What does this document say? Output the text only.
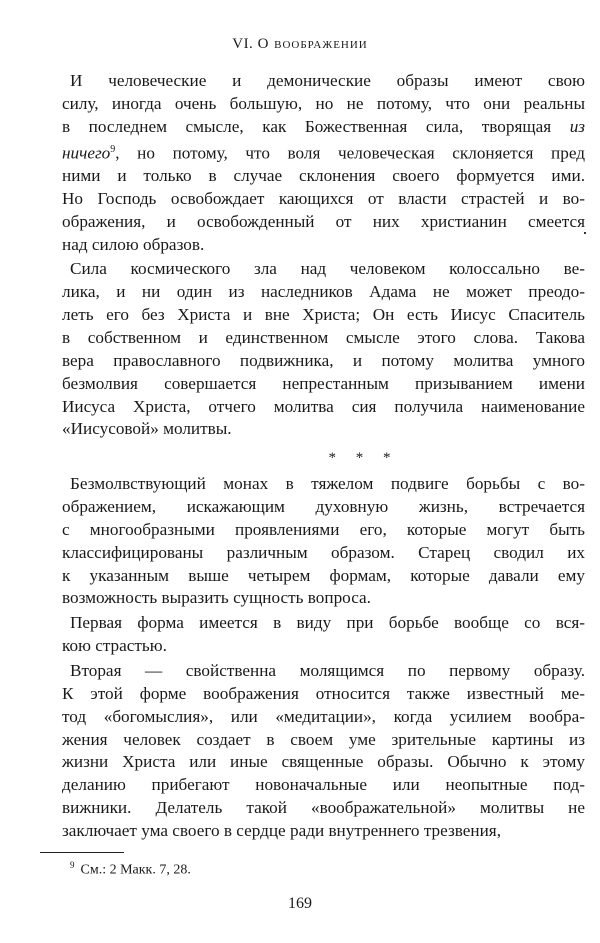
VI. О воображении
И человеческие и демонические образы имеют свою
силу, иногда очень большую, но не потому, что они реальны
в последнем смысле, как Божественная сила, творящая из
ничего$^9$, но потому, что воля человеческая склоняется пред
ними и только в случае склонения своего формуется ими.
Но Господь освобождает кающихся от власти страстей и во-
ображения, и освобожденный от них христианин смеется
над силою образов.
Сила космического зла над человеком колоссально ве-
лика, и ни один из наследников Адама не может преодо-
леть его без Христа и вне Христа; Он есть Иисус Спаситель
в собственном и единственном смысле этого слова. Такова
вера православного подвижника, и потому молитва умного
безмолвия совершается непрестанным призыванием имени
Иисуса Христа, отчего молитва сия получила наименование
«Иисусовой» молитвы.
* * *
Безмолвствующий монах в тяжелом подвиге борьбы с во-
ображением, искажающим духовную жизнь, встречается
с многообразными проявлениями его, которые могут быть
классифицированы различным образом. Старец сводил их
к указанным выше четырем формам, которые давали ему
возможность выразить сущность вопроса.
Первая форма имеется в виду при борьбе вообще со вся-
кою страстью.
Вторая — свойственна молящимся по первому образу.
К этой форме воображения относится также известный ме-
тод «богомыслия», или «медитации», когда усилием вообра-
жения человек создает в своем уме зрительные картины из
жизни Христа или иные священные образы. Обычно к этому
деланию прибегают новоначальные или неопытные под-
вижники. Делатель такой «воображательной» молитвы не
заключает ума своего в сердце ради внутреннего трезвения,
$^9$ См.: 2 Макк. 7, 28.
169
